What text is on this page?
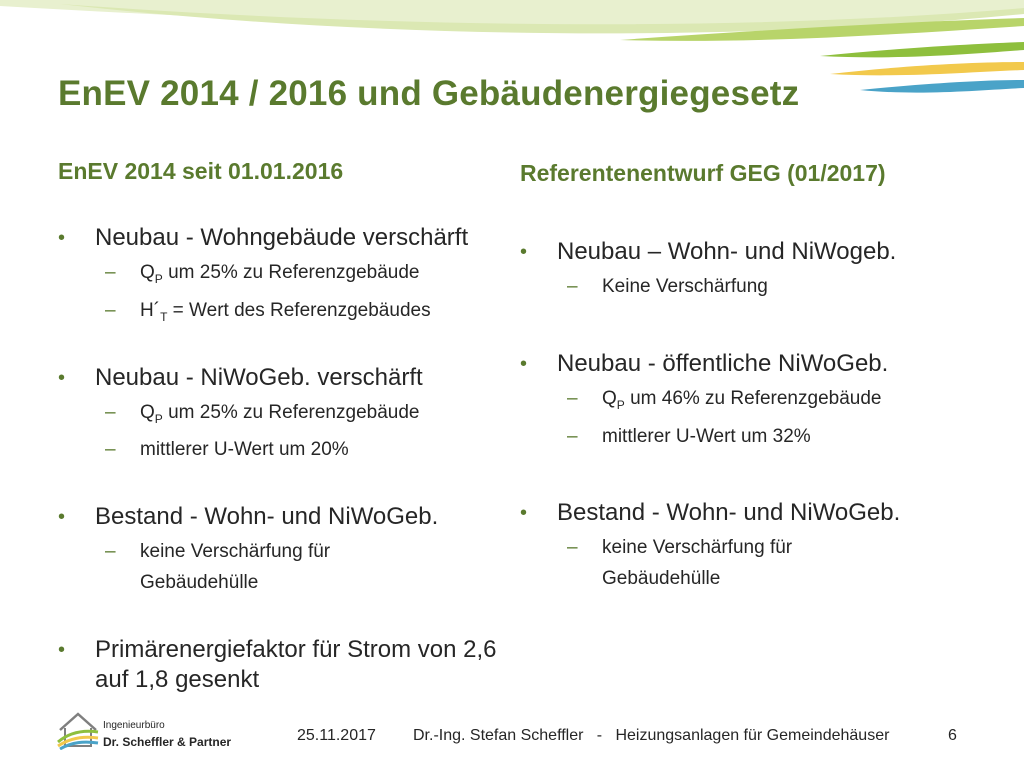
EnEV 2014 / 2016 und Gebäudenergiegesetz
EnEV 2014 seit 01.01.2016
• Neubau - Wohngebäude verschärft
– $Q_P$ um 25% zu Referenzgebäude
– $H´_T$ = Wert des Referenzgebäudes
• Neubau - NiWoGeb. verschärft
– $Q_P$ um 25% zu Referenzgebäude
– mittlerer U-Wert um 20%
• Bestand - Wohn- und NiWoGeb.
– keine Verschärfung für Gebäudehülle
• Primärenergiefaktor für Strom von 2,6 auf 1,8 gesenkt
Referentenentwurf GEG (01/2017)
• Neubau – Wohn- und NiWogeb.
– Keine Verschärfung
• Neubau - öffentliche NiWoGeb.
– $Q_P$ um 46% zu Referenzgebäude
– mittlerer U-Wert um 32%
• Bestand - Wohn- und NiWoGeb.
– keine Verschärfung für Gebäudehülle
Ingenieurbüro
Dr. Scheffler & Partner	25.11.2017 Dr.-Ing. Stefan Scheffler   -   Heizungsanlagen für Gemeindehäuser	6
